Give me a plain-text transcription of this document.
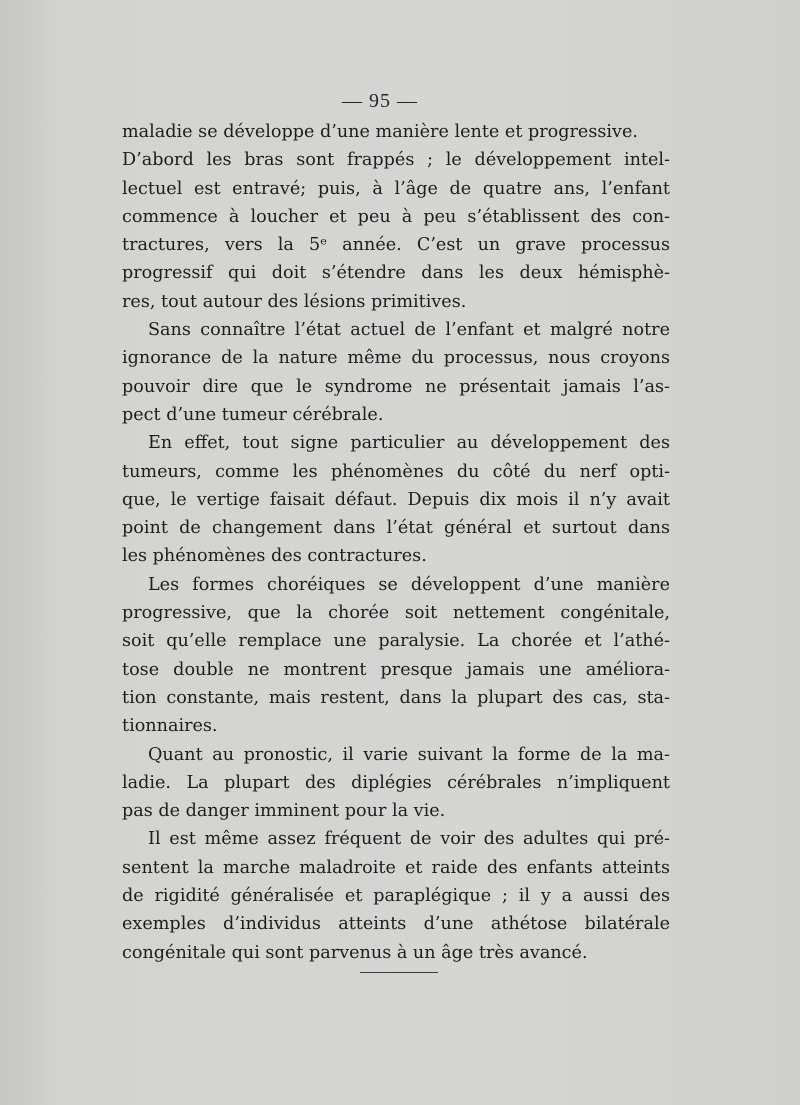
— 95 —
maladie se développe d’une manière lente et progressive.
D’abord les bras sont frappés ; le développement intel-
lectuel est entravé; puis, à l’âge de quatre ans, l’enfant
commence à loucher et peu à peu s’établissent des con-
tractures, vers la 5ᵉ année. C’est un grave processus
progressif qui doit s’étendre dans les deux hémisphè-
res, tout autour des lésions primitives.
Sans connaître l’état actuel de l’enfant et malgré notre
ignorance de la nature même du processus, nous croyons
pouvoir dire que le syndrome ne présentait jamais l’as-
pect d’une tumeur cérébrale.
En effet, tout signe particulier au développement des
tumeurs, comme les phénomènes du côté du nerf opti-
que, le vertige faisait défaut. Depuis dix mois il n’y avait
point de changement dans l’état général et surtout dans
les phénomènes des contractures.
Les formes choréiques se développent d’une manière
progressive, que la chorée soit nettement congénitale,
soit qu’elle remplace une paralysie. La chorée et l’athé-
tose double ne montrent presque jamais une améliora-
tion constante, mais restent, dans la plupart des cas, sta-
tionnaires.
Quant au pronostic, il varie suivant la forme de la ma-
ladie. La plupart des diplégies cérébrales n’impliquent
pas de danger imminent pour la vie.
Il est même assez fréquent de voir des adultes qui pré-
sentent la marche maladroite et raide des enfants atteints
de rigidité généralisée et paraplégique ; il y a aussi des
exemples d’individus atteints d’une athétose bilatérale
congénitale qui sont parvenus à un âge très avancé.
